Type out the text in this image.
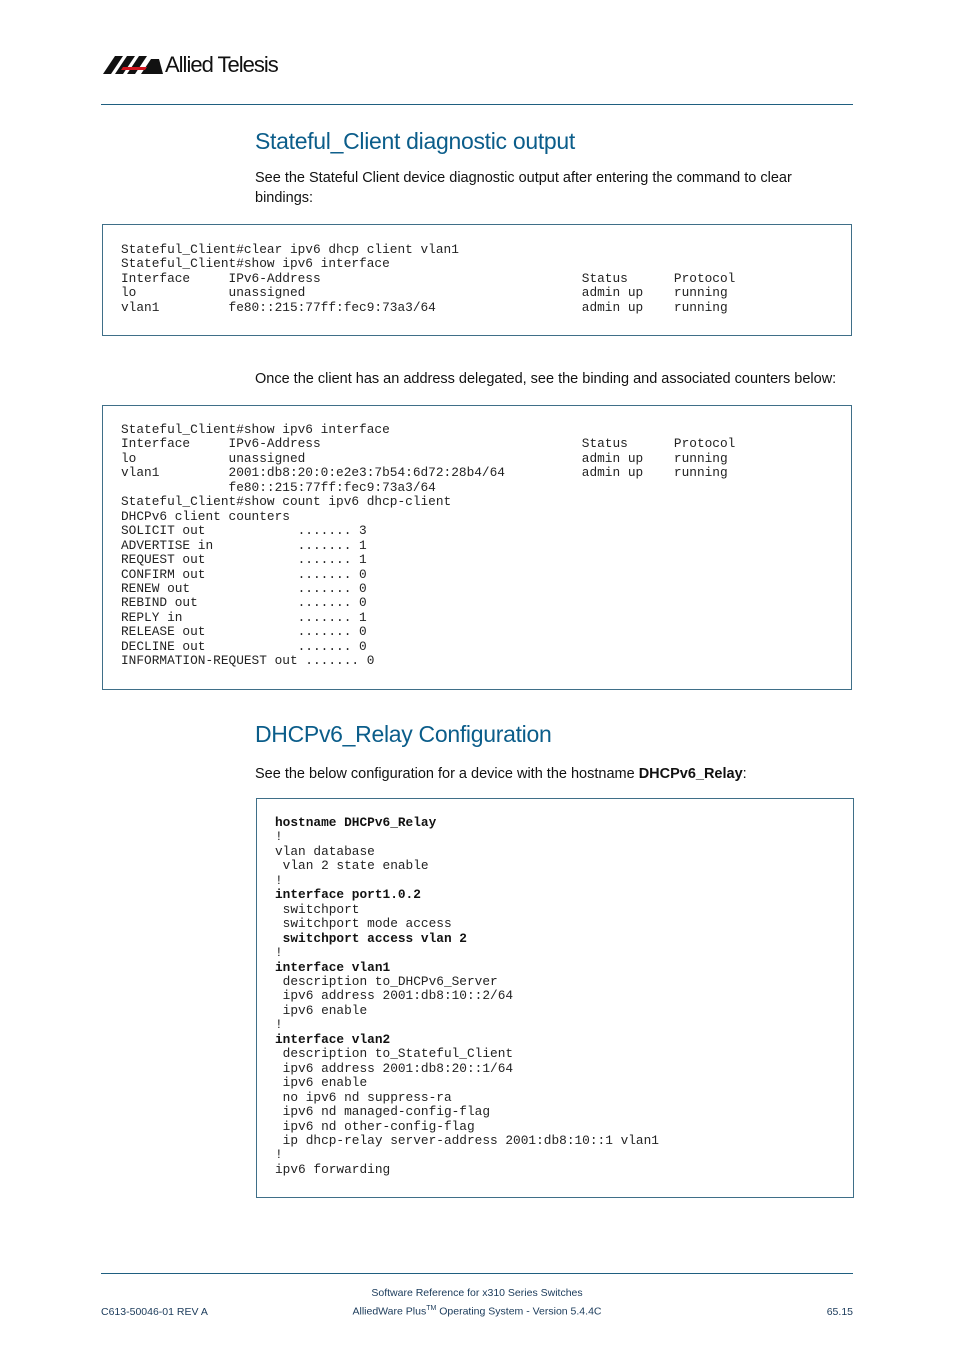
Allied Telesis
Stateful_Client diagnostic output

See the Stateful Client device diagnostic output after entering the command to clear bindings:

Stateful_Client#clear ipv6 dhcp client vlan1
Stateful_Client#show ipv6 interface
Interface     IPv6-Address                                  Status      Protocol
lo            unassigned                                    admin up    running
vlan1         fe80::215:77ff:fec9:73a3/64                   admin up    running

Once the client has an address delegated, see the binding and associated counters below:

Stateful_Client#show ipv6 interface
Interface     IPv6-Address                                  Status      Protocol
lo            unassigned                                    admin up    running
vlan1         2001:db8:20:0:e2e3:7b54:6d72:28b4/64          admin up    running
fe80::215:77ff:fec9:73a3/64
Stateful_Client#show count ipv6 dhcp-client
DHCPv6 client counters
SOLICIT out            ....... 3
ADVERTISE in           ....... 1
REQUEST out            ....... 1
CONFIRM out            ....... 0
RENEW out              ....... 0
REBIND out             ....... 0
REPLY in               ....... 1
RELEASE out            ....... 0
DECLINE out            ....... 0
INFORMATION-REQUEST out ....... 0
DHCPv6_Relay Configuration

See the below configuration for a device with the hostname DHCPv6_Relay:

hostname DHCPv6_Relay
!
vlan database
vlan 2 state enable
!
interface port1.0.2
switchport
switchport mode access
switchport access vlan 2
!
interface vlan1
description to_DHCPv6_Server
ipv6 address 2001:db8:10::2/64
ipv6 enable
!
interface vlan2
description to_Stateful_Client
ipv6 address 2001:db8:20::1/64
ipv6 enable
no ipv6 nd suppress-ra
ipv6 nd managed-config-flag
ipv6 nd other-config-flag
ip dhcp-relay server-address 2001:db8:10::1 vlan1
!
ipv6 forwarding
Software Reference for x310 Series Switches
AlliedWare Plus™ Operating System - Version 5.4.4C
C613-50046-01 REV A	65.15
